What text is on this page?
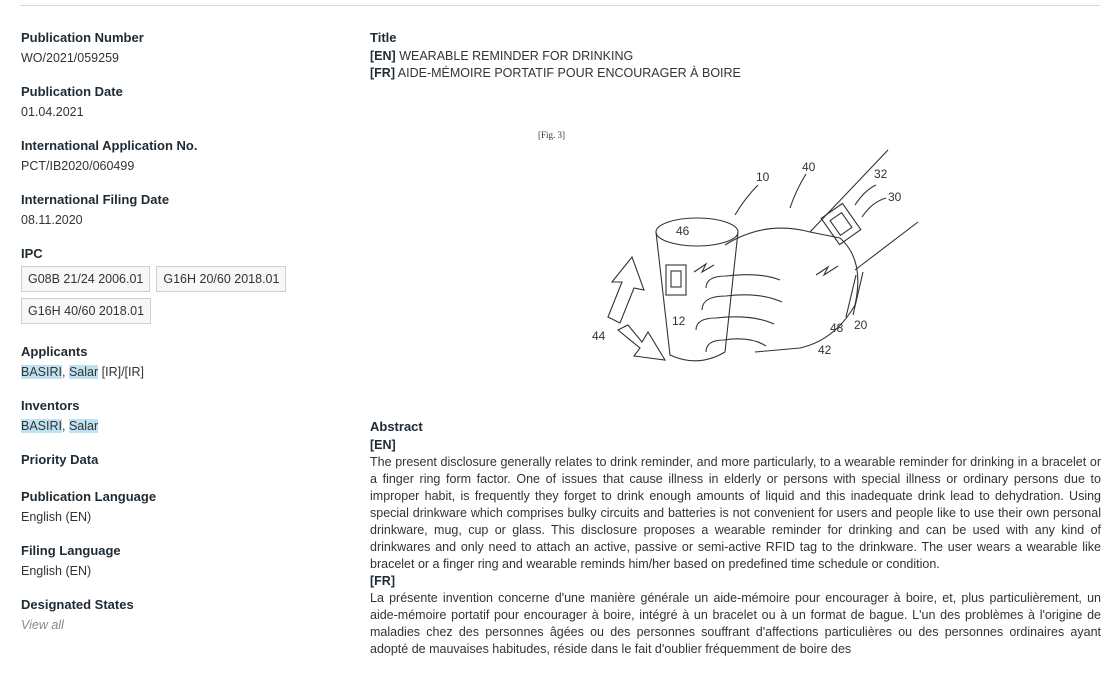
Publication Number
WO/2021/059259
Publication Date
01.04.2021
International Application No.
PCT/IB2020/060499
International Filing Date
08.11.2020
IPC
G08B 21/24 2006.01	G16H 20/60 2018.01
G16H 40/60 2018.01
Applicants
BASIRI, Salar [IR]/[IR]
Inventors
BASIRI, Salar
Priority Data
Publication Language
English (EN)
Filing Language
English (EN)
Designated States
View all
Title
[EN] WEARABLE REMINDER FOR DRINKING
[FR] AIDE-MÉMOIRE PORTATIF POUR ENCOURAGER À BOIRE
[Fig. 3]
10
40	32
30
46
12
44
48 20
42
Abstract
[EN]

The present disclosure generally relates to drink reminder, and more particularly, to a wearable reminder for drinking in a bracelet or a finger ring form factor. One of issues that cause illness in elderly or persons with special illness or ordinary persons due to improper habit, is frequently they forget to drink enough amounts of liquid and this inadequate drink lead to dehydration. Using special drinkware which comprises bulky circuits and batteries is not convenient for users and people like to use their own personal drinkware, mug, cup or glass. This disclosure proposes a wearable reminder for drinking and can be used with any kind of drinkwares and only need to attach an active, passive or semi-active RFID tag to the drinkware. The user wears a wearable like bracelet or a finger ring and wearable reminds him/her based on predefined time schedule or condition.

[FR]

La présente invention concerne d'une manière générale un aide-mémoire pour encourager à boire, et, plus particulièrement, un aide-mémoire portatif pour encourager à boire, intégré à un bracelet ou à un format de bague. L'un des problèmes à l'origine de maladies chez des personnes âgées ou des personnes souffrant d'affections particulières ou des personnes ordinaires ayant adopté de mauvaises habitudes, réside dans le fait d'oublier fréquemment de boire des
